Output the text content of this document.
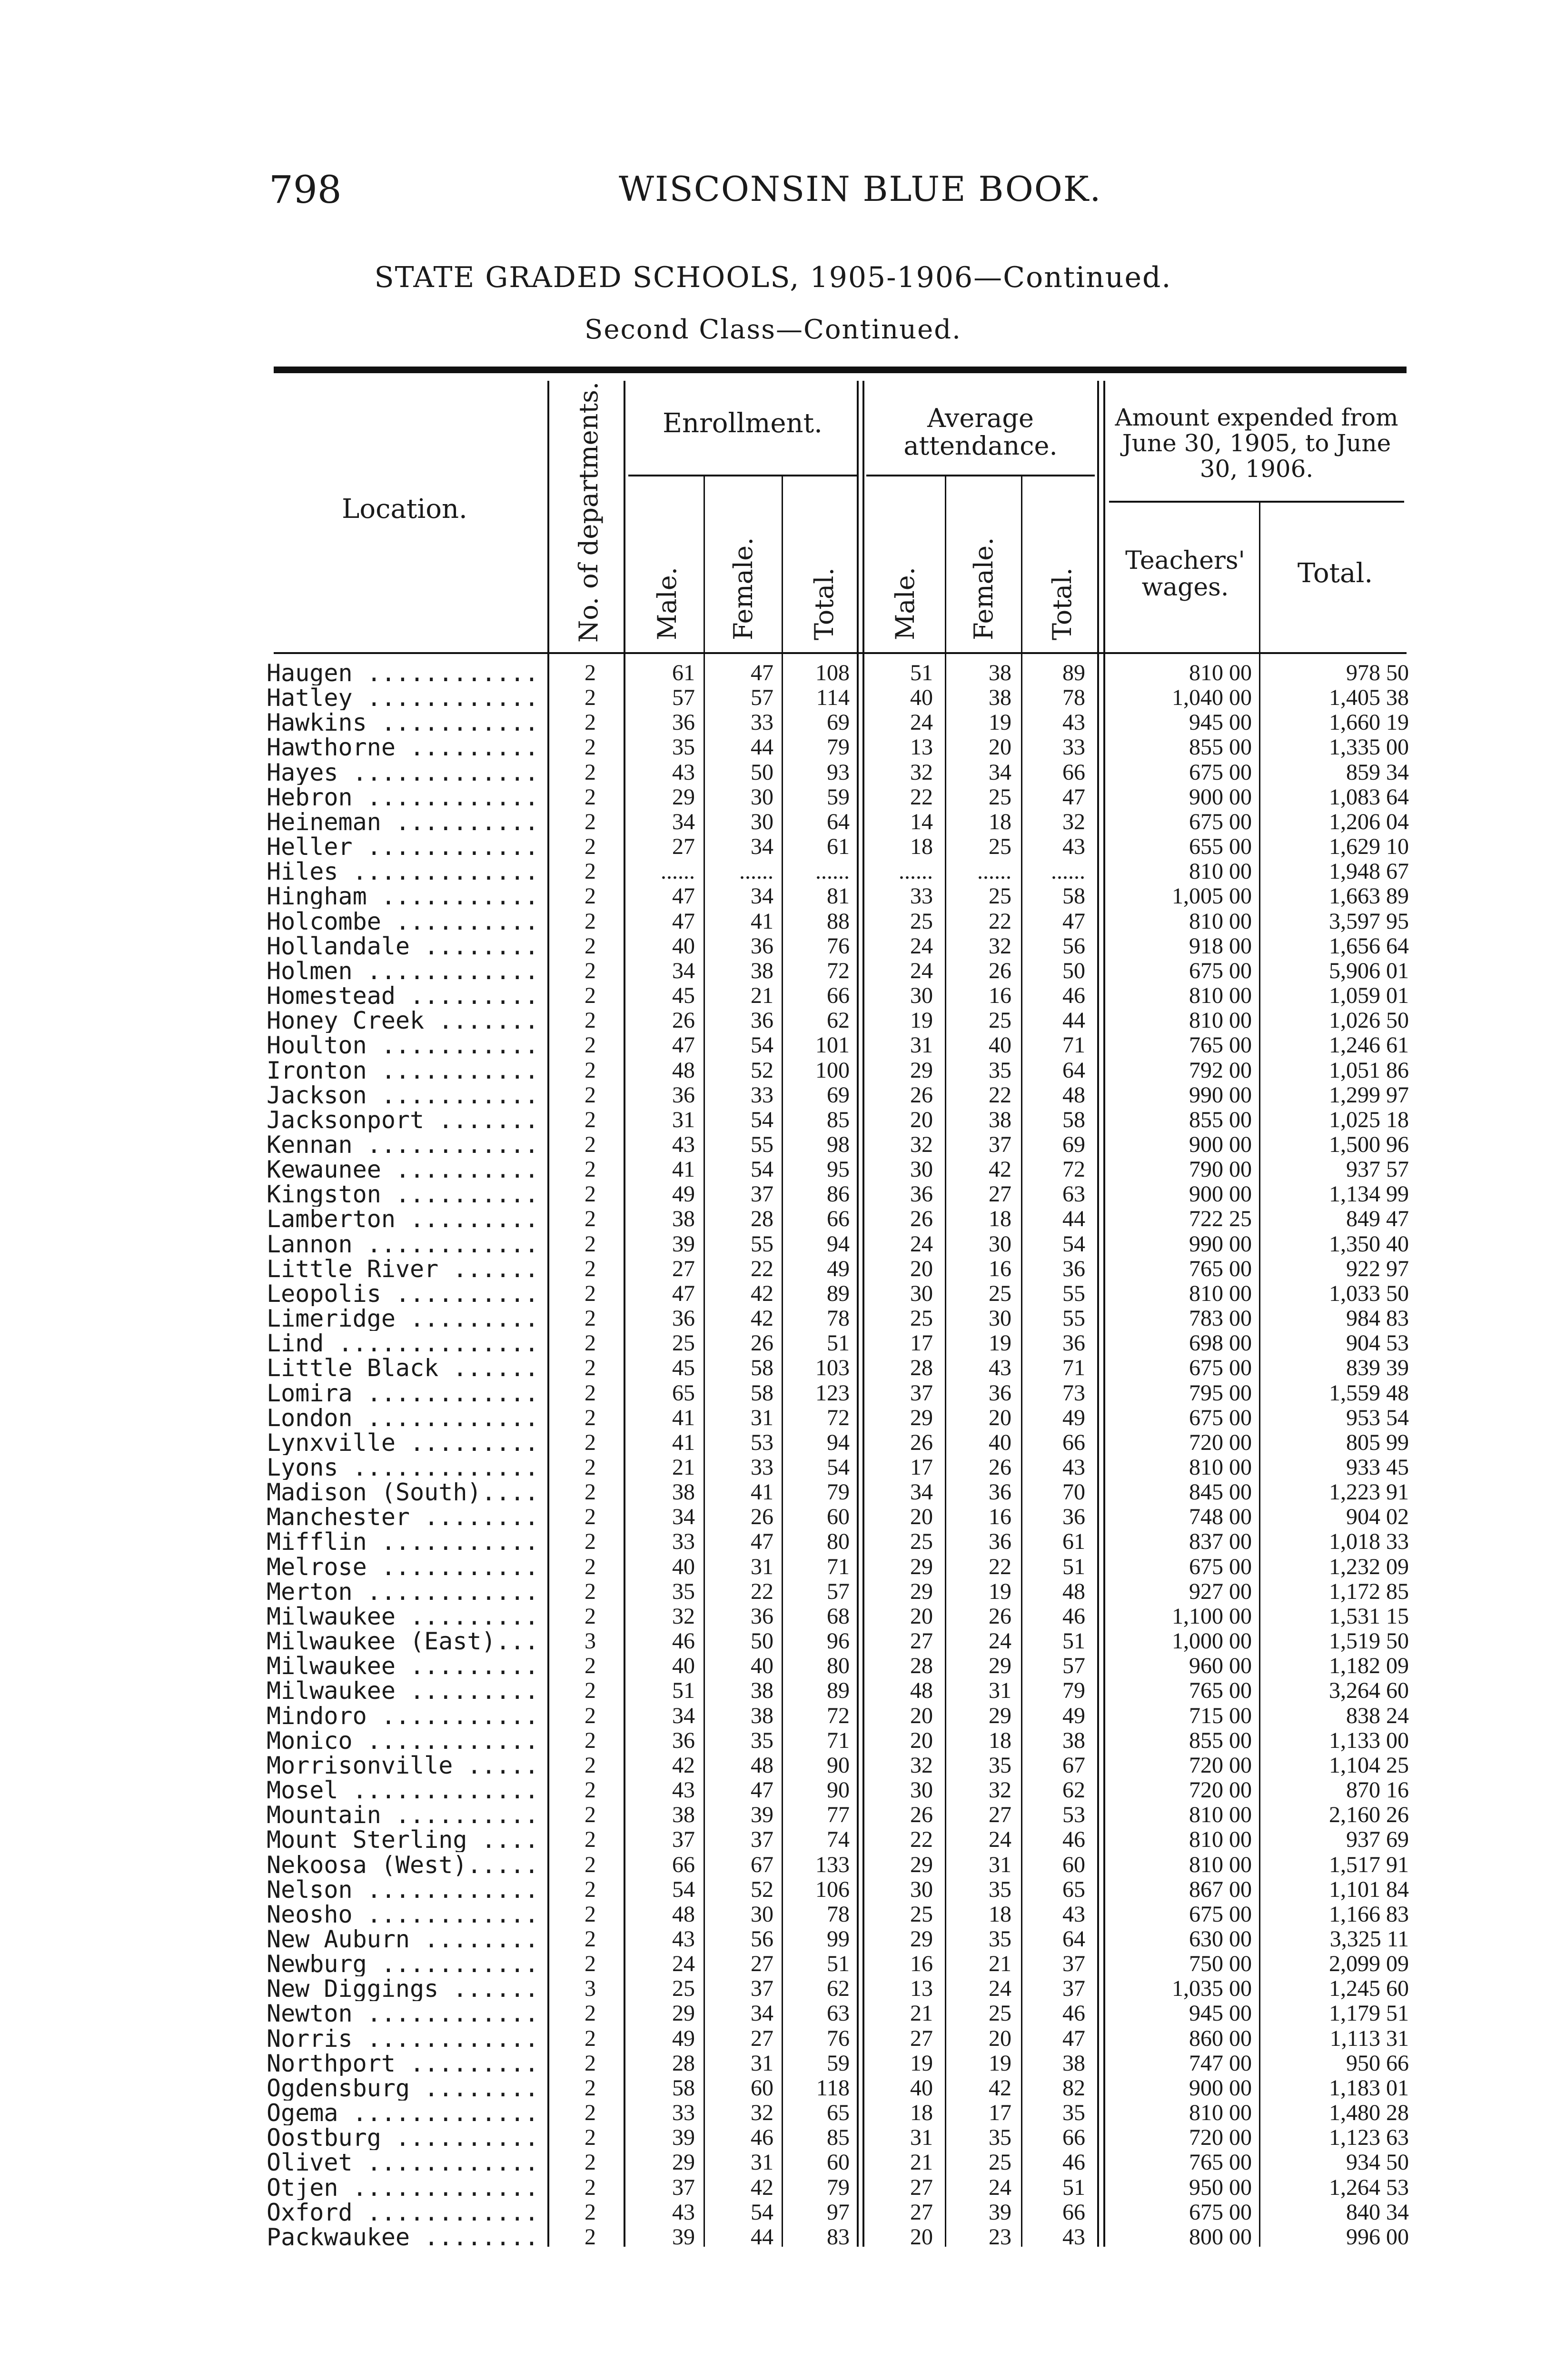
798	WISCONSIN BLUE BOOK.
STATE GRADED SCHOOLS, 1905-1906—Continued.
Second Class—Continued.
Location.	No. of departments.	Enrollment.	Average attendance.
Amount expended from June 30, 1905, to June 30, 1906.
Male. Female. Total. Male. Female. Total.
Teachers' wages.	Total.
Haugen ............	2	61	47	108	51	38	89	810 00	978 50
Hatley ............	2	57	57	114	40	38	78	1,040 00	1,405 38
Hawkins ...........	2	36	33	69	24	19	43	945 00	1,660 19
Hawthorne .........	2	35	44	79	13	20	33	855 00	1,335 00
Hayes .............	2	43	50	93	32	34	66	675 00	859 34
Hebron ............	2	29	30	59	22	25	47	900 00	1,083 64
Heineman ..........	2	34	30	64	14	18	32	675 00	1,206 04
Heller ............	2	27	34	61	18	25	43	655 00	1,629 10
Hiles .............	2	......	......	......	......	......	......	810 00	1,948 67
Hingham ...........	2	47	34	81	33	25	58	1,005 00	1,663 89
Holcombe ..........	2	47	41	88	25	22	47	810 00	3,597 95
Hollandale ........	2	40	36	76	24	32	56	918 00	1,656 64
Holmen ............	2	34	38	72	24	26	50	675 00	5,906 01
Homestead .........	2	45	21	66	30	16	46	810 00	1,059 01
Honey Creek .......	2	26	36	62	19	25	44	810 00	1,026 50
Houlton ...........	2	47	54	101	31	40	71	765 00	1,246 61
Ironton ...........	2	48	52	100	29	35	64	792 00	1,051 86
Jackson ...........	2	36	33	69	26	22	48	990 00	1,299 97
Jacksonport .......	2	31	54	85	20	38	58	855 00	1,025 18
Kennan ............	2	43	55	98	32	37	69	900 00	1,500 96
Kewaunee ..........	2	41	54	95	30	42	72	790 00	937 57
Kingston ..........	2	49	37	86	36	27	63	900 00	1,134 99
Lamberton .........	2	38	28	66	26	18	44	722 25	849 47
Lannon ............	2	39	55	94	24	30	54	990 00	1,350 40
Little River ......	2	27	22	49	20	16	36	765 00	922 97
Leopolis ..........	2	47	42	89	30	25	55	810 00	1,033 50
Limeridge .........	2	36	42	78	25	30	55	783 00	984 83
Lind ..............	2	25	26	51	17	19	36	698 00	904 53
Little Black ......	2	45	58	103	28	43	71	675 00	839 39
Lomira ............	2	65	58	123	37	36	73	795 00	1,559 48
London ............	2	41	31	72	29	20	49	675 00	953 54
Lynxville .........	2	41	53	94	26	40	66	720 00	805 99
Lyons .............	2	21	33	54	17	26	43	810 00	933 45
Madison (South)....	2	38	41	79	34	36	70	845 00	1,223 91
Manchester ........	2	34	26	60	20	16	36	748 00	904 02
Mifflin ...........	2	33	47	80	25	36	61	837 00	1,018 33
Melrose ...........	2	40	31	71	29	22	51	675 00	1,232 09
Merton ............	2	35	22	57	29	19	48	927 00	1,172 85
Milwaukee .........	2	32	36	68	20	26	46	1,100 00	1,531 15
Milwaukee (East)...	3	46	50	96	27	24	51	1,000 00	1,519 50
Milwaukee .........	2	40	40	80	28	29	57	960 00	1,182 09
Milwaukee .........	2	51	38	89	48	31	79	765 00	3,264 60
Mindoro ...........	2	34	38	72	20	29	49	715 00	838 24
Monico ............	2	36	35	71	20	18	38	855 00	1,133 00
Morrisonville .....	2	42	48	90	32	35	67	720 00	1,104 25
Mosel .............	2	43	47	90	30	32	62	720 00	870 16
Mountain ..........	2	38	39	77	26	27	53	810 00	2,160 26
Mount Sterling ....	2	37	37	74	22	24	46	810 00	937 69
Nekoosa (West).....	2	66	67	133	29	31	60	810 00	1,517 91
Nelson ............	2	54	52	106	30	35	65	867 00	1,101 84
Neosho ............	2	48	30	78	25	18	43	675 00	1,166 83
New Auburn ........	2	43	56	99	29	35	64	630 00	3,325 11
Newburg ...........	2	24	27	51	16	21	37	750 00	2,099 09
New Diggings ......	3	25	37	62	13	24	37	1,035 00	1,245 60
Newton ............	2	29	34	63	21	25	46	945 00	1,179 51
Norris ............	2	49	27	76	27	20	47	860 00	1,113 31
Northport .........	2	28	31	59	19	19	38	747 00	950 66
Ogdensburg ........	2	58	60	118	40	42	82	900 00	1,183 01
Ogema .............	2	33	32	65	18	17	35	810 00	1,480 28
Oostburg ..........	2	39	46	85	31	35	66	720 00	1,123 63
Olivet ............	2	29	31	60	21	25	46	765 00	934 50
Otjen .............	2	37	42	79	27	24	51	950 00	1,264 53
Oxford ............	2	43	54	97	27	39	66	675 00	840 34
Packwaukee ........	2	39	44	83	20	23	43	800 00	996 00
